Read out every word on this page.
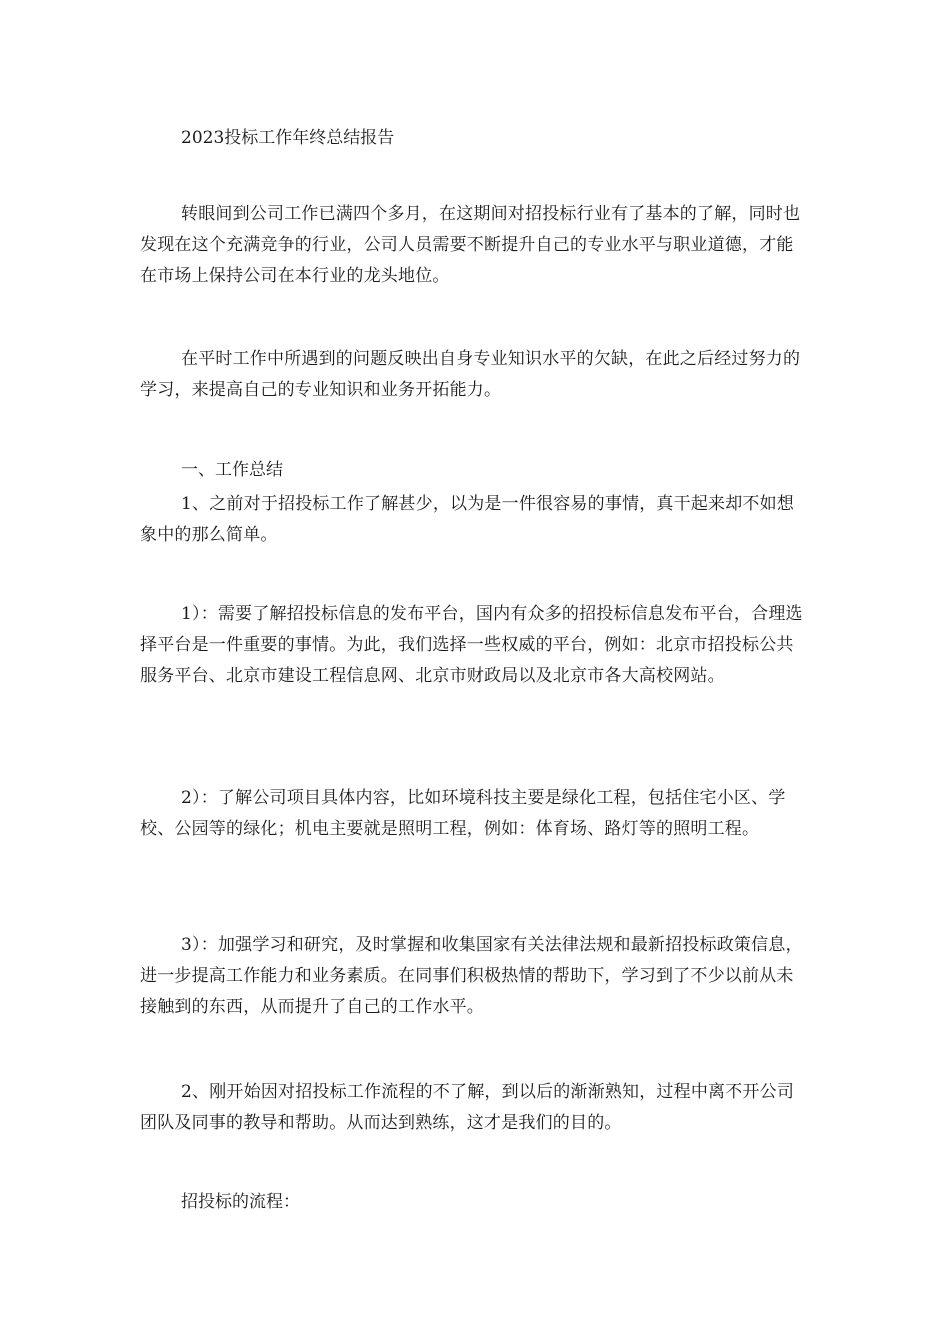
2023投标工作年终总结报告

转眼间到公司工作已满四个多月，在这期间对招投标行业有了基本的了解，同时也发现在这个充满竞争的行业，公司人员需要不断提升自己的专业水平与职业道德，才能在市场上保持公司在本行业的龙头地位。

在平时工作中所遇到的问题反映出自身专业知识水平的欠缺，在此之后经过努力的学习，来提高自己的专业知识和业务开拓能力。

一、工作总结

1、之前对于招投标工作了解甚少，以为是一件很容易的事情，真干起来却不如想象中的那么简单。

1）：需要了解招投标信息的发布平台，国内有众多的招投标信息发布平台，合理选择平台是一件重要的事情。为此，我们选择一些权威的平台，例如：北京市招投标公共服务平台、北京市建设工程信息网、北京市财政局以及北京市各大高校网站。

2）：了解公司项目具体内容，比如环境科技主要是绿化工程，包括住宅小区、学校、公园等的绿化；机电主要就是照明工程，例如：体育场、路灯等的照明工程。

3）：加强学习和研究，及时掌握和收集国家有关法律法规和最新招投标政策信息，进一步提高工作能力和业务素质。在同事们积极热情的帮助下，学习到了不少以前从未接触到的东西，从而提升了自己的工作水平。

2、刚开始因对招投标工作流程的不了解，到以后的渐渐熟知，过程中离不开公司团队及同事的教导和帮助。从而达到熟练，这才是我们的目的。

招投标的流程：
